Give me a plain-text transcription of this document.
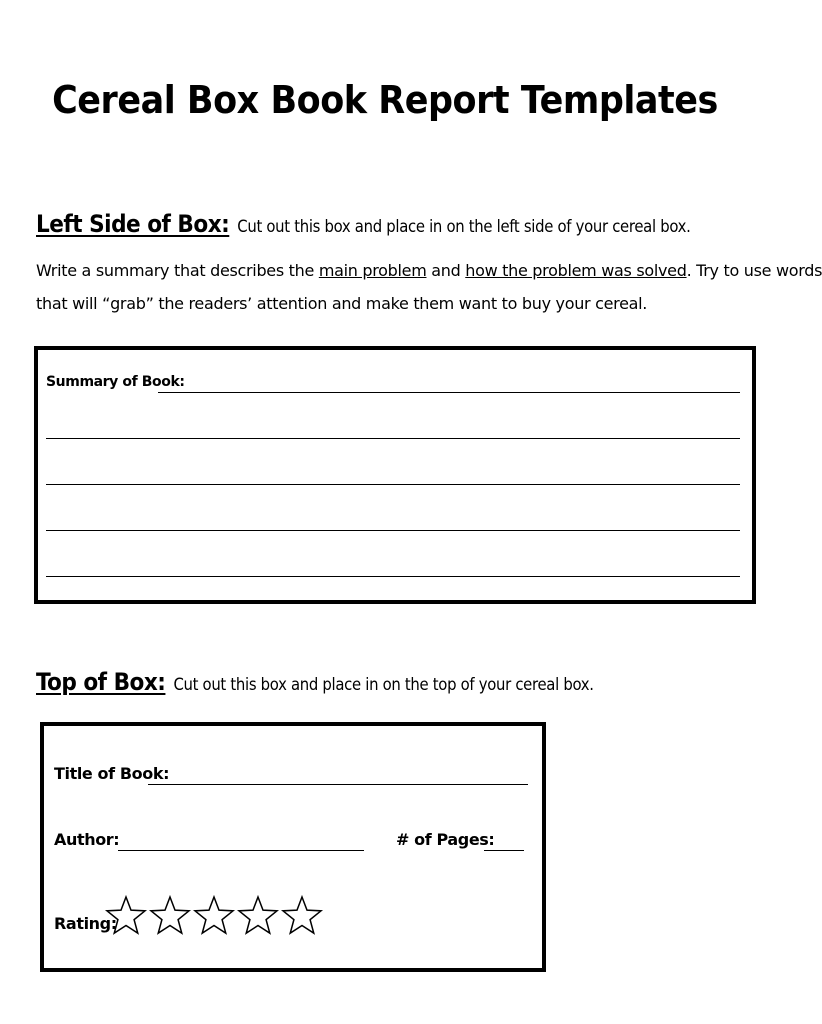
Cereal Box Book Report Templates
Left Side of Box: Cut out this box and place in on the left side of your cereal box.
Write a summary that describes the main problem and how the problem was solved. Try to use words
that will “grab” the readers’ attention and make them want to buy your cereal.
Summary of Book:
Top of Box: Cut out this box and place in on the top of your cereal box.
Title of Book:
Author:	# of Pages:
Rating:
